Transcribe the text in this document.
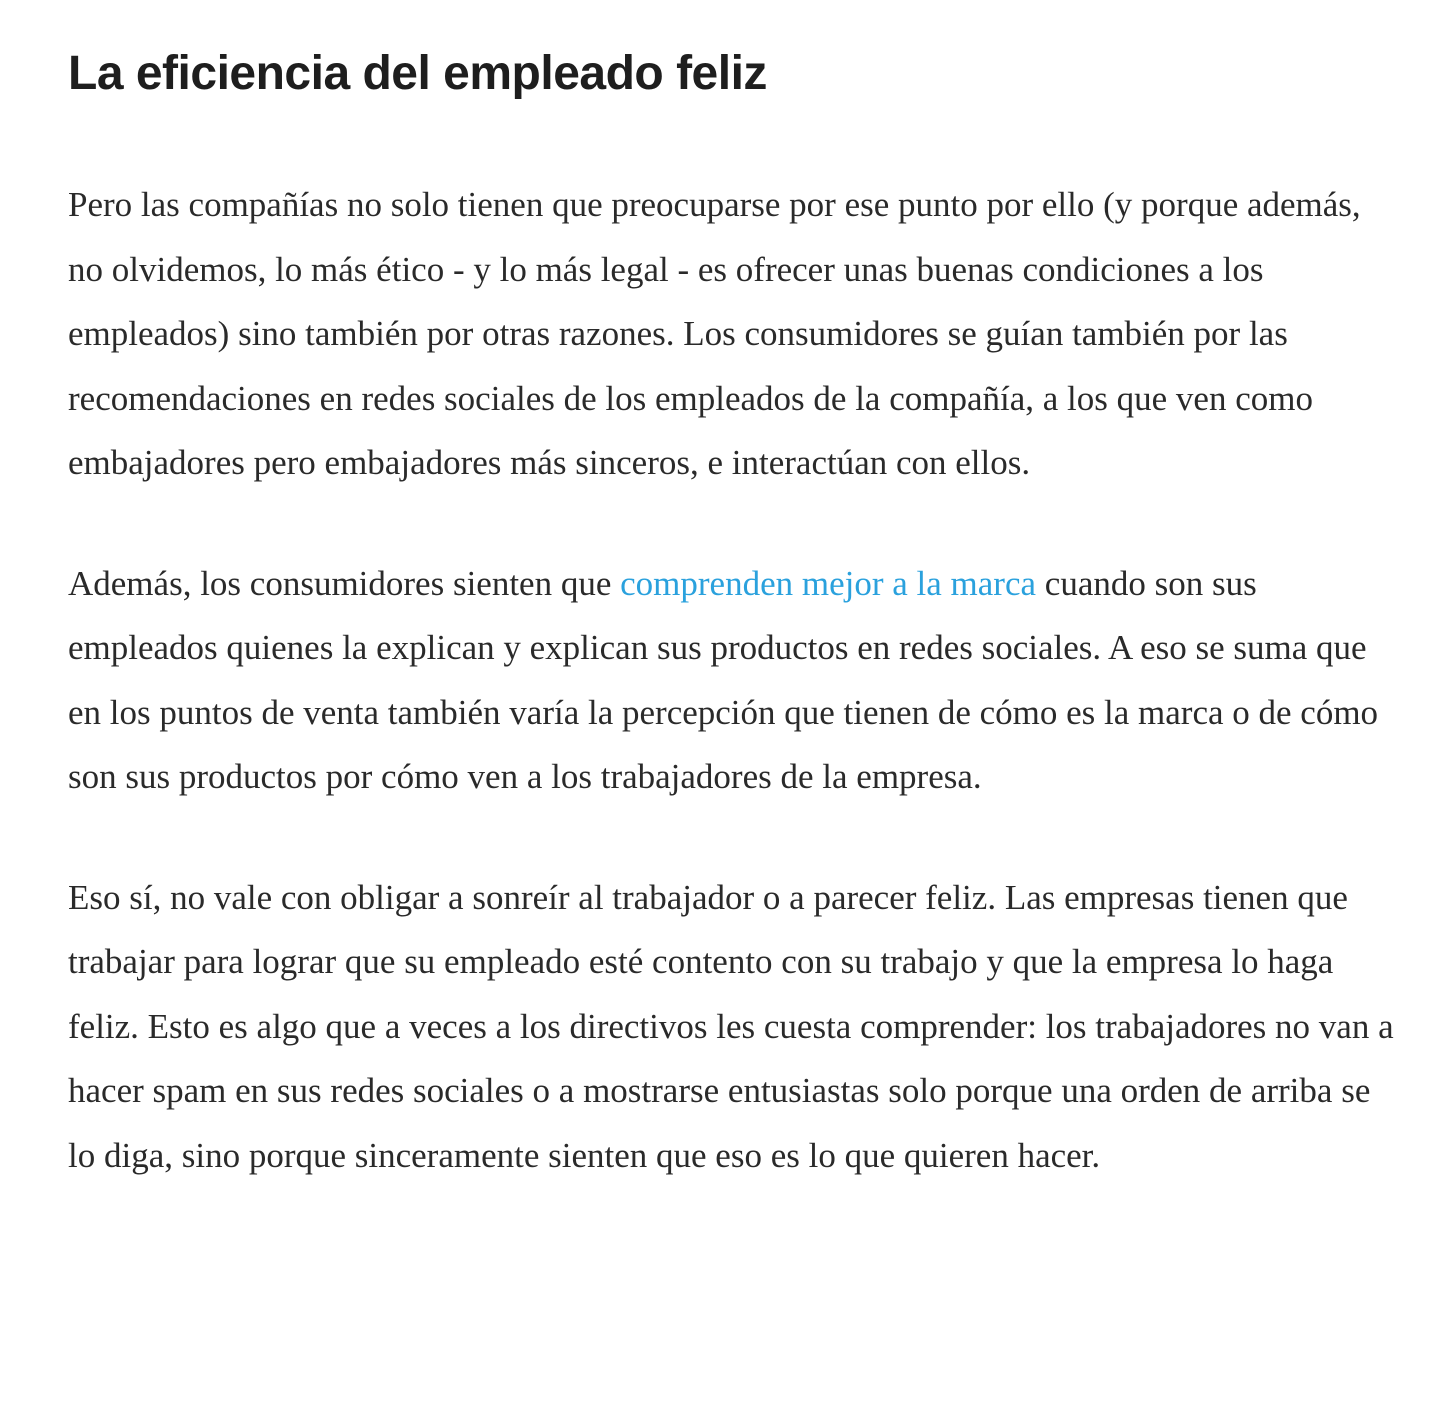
La eficiencia del empleado feliz

Pero las compañías no solo tienen que preocuparse por ese punto por ello (y porque además, no olvidemos, lo más ético - y lo más legal - es ofrecer unas buenas condiciones a los empleados) sino también por otras razones. Los consumidores se guían también por las recomendaciones en redes sociales de los empleados de la compañía, a los que ven como embajadores pero embajadores más sinceros, e interactúan con ellos.

Además, los consumidores sienten que comprenden mejor a la marca cuando son sus empleados quienes la explican y explican sus productos en redes sociales. A eso se suma que en los puntos de venta también varía la percepción que tienen de cómo es la marca o de cómo son sus productos por cómo ven a los trabajadores de la empresa.

Eso sí, no vale con obligar a sonreír al trabajador o a parecer feliz. Las empresas tienen que trabajar para lograr que su empleado esté contento con su trabajo y que la empresa lo haga feliz. Esto es algo que a veces a los directivos les cuesta comprender: los trabajadores no van a hacer spam en sus redes sociales o a mostrarse entusiastas solo porque una orden de arriba se lo diga, sino porque sinceramente sienten que eso es lo que quieren hacer.
